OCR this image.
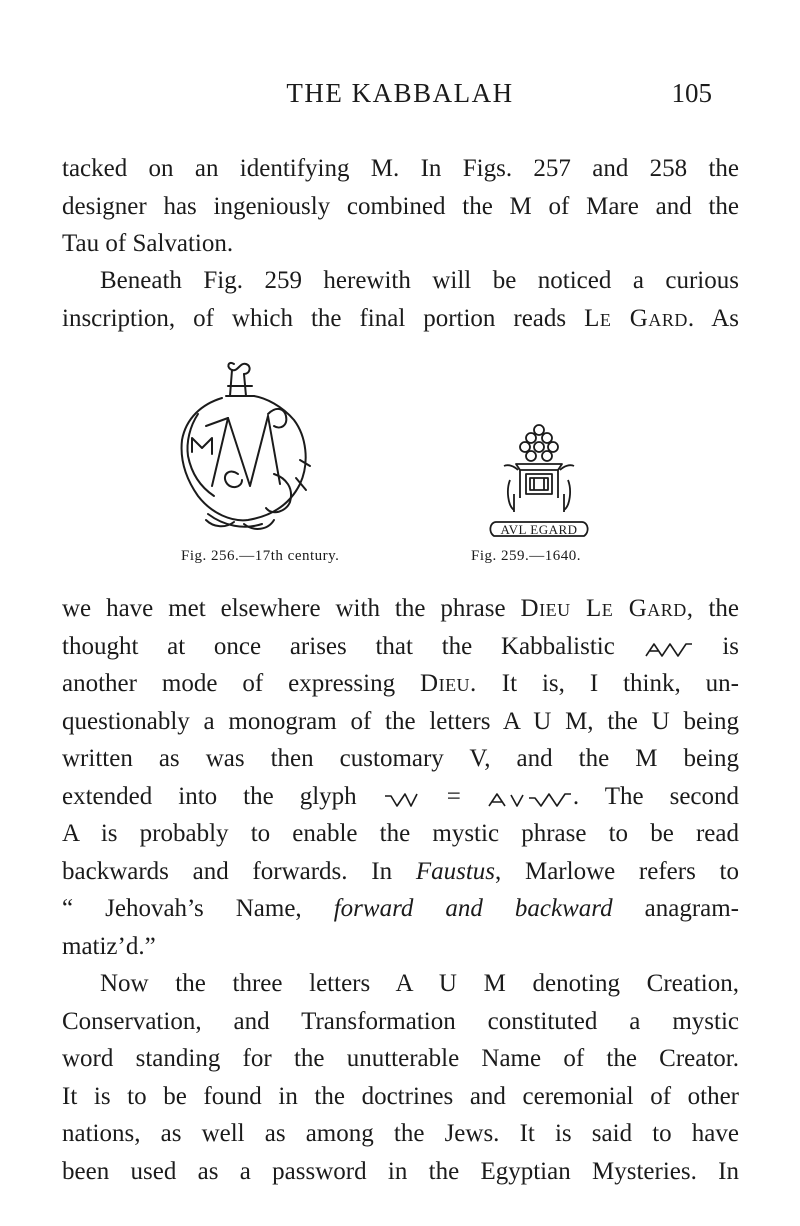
THE KABBALAH	105
tacked on an identifying M. In Figs. 257 and 258 the
designer has ingeniously combined the M of Mare and the
Tau of Salvation.
Beneath Fig. 259 herewith will be noticed a curious
inscription, of which the final portion reads Le Gard. As
Fig. 256.—17th century.
AVL EGARD
Fig. 259.—1640.
we have met elsewhere with the phrase Dieu Le Gard, the
thought at once arises that the Kabbalistic	is
another mode of expressing Dieu. It is, I think, un-
questionably a monogram of the letters A U M, the U being
written as was then customary V, and the M being
extended into the glyph	=	. The second
A is probably to enable the mystic phrase to be read
backwards and forwards. In Faustus, Marlowe refers to
“ Jehovah’s Name, forward and backward anagram-
matiz’d.”
Now the three letters A U M denoting Creation,
Conservation, and Transformation constituted a mystic
word standing for the unutterable Name of the Creator.
It is to be found in the doctrines and ceremonial of other
nations, as well as among the Jews. It is said to have
been used as a password in the Egyptian Mysteries. In
